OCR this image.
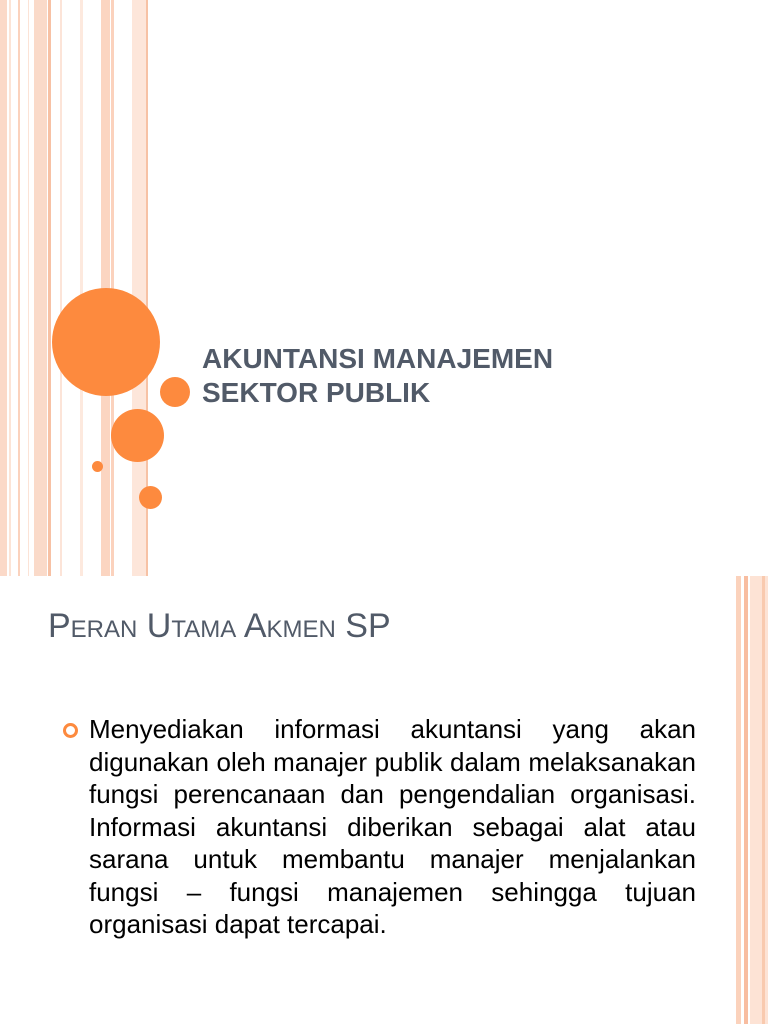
AKUNTANSI MANAJEMEN
SEKTOR PUBLIK
Peran Utama Akmen SP

Menyediakan informasi akuntansi yang akan digunakan oleh manajer publik dalam melaksanakan fungsi perencanaan dan pengendalian organisasi. Informasi akuntansi diberikan sebagai alat atau sarana untuk membantu manajer menjalankan fungsi – fungsi manajemen sehingga tujuan organisasi dapat tercapai.
